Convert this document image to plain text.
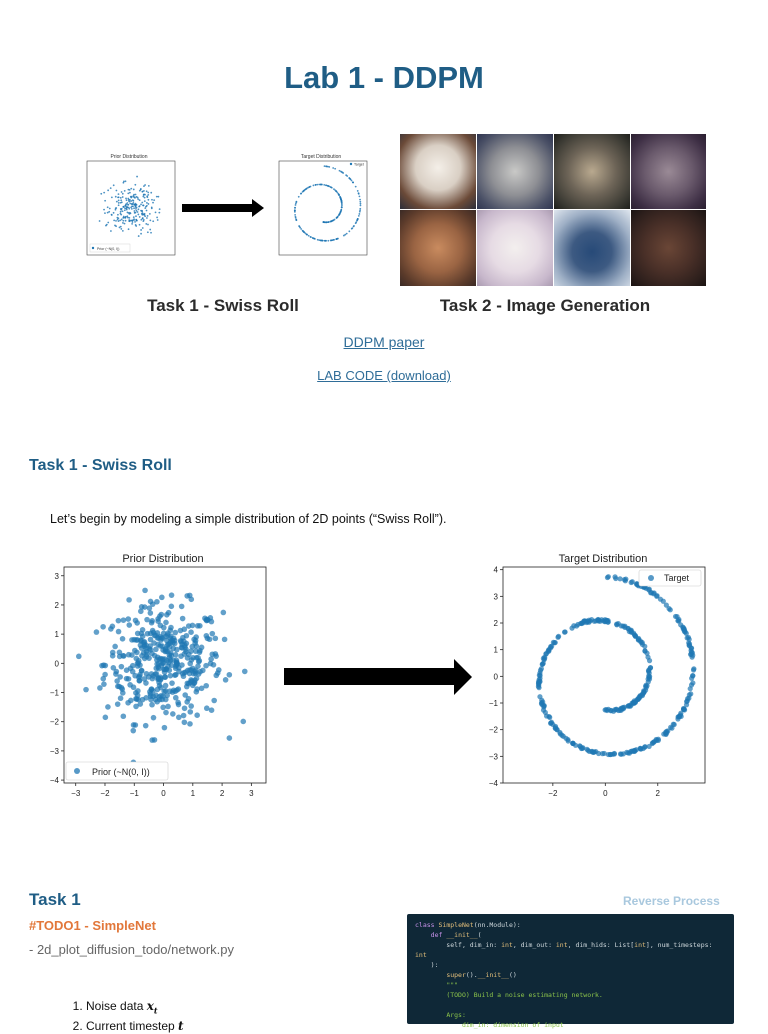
Lab 1 - DDPM
Prior Distribution
Prior (~N(0, I))
Target Distribution
Target
Task 1 - Swiss Roll	Task 2 - Image Generation
DDPM paper
LAB CODE (download)
Task 1 - Swiss Roll
Let’s begin by modeling a simple distribution of 2D points (“Swiss Roll”).
Prior Distribution
−3	−2	−1	0	1	2	3
−4
−3
−2
−1
0
1
2
3
Prior (~N(0, I))
Target Distribution
−2	0	2
−4
−3
−2
−1
0
1
2
3
4
Target
Task 1
#TODO1 - SimpleNet
- 2d_plot_diffusion_todo/network.py
Reverse Process
1. Noise data $x_t$
2. Current timestep t
class SimpleNet(nn.Module):
def __init__(
self, dim_in: int, dim_out: int, dim_hids: List[int], num_timesteps: int
):
super().__init__()
"""
(TODO) Build a noise estimating network.

Args:
dim_in: dimension of input
